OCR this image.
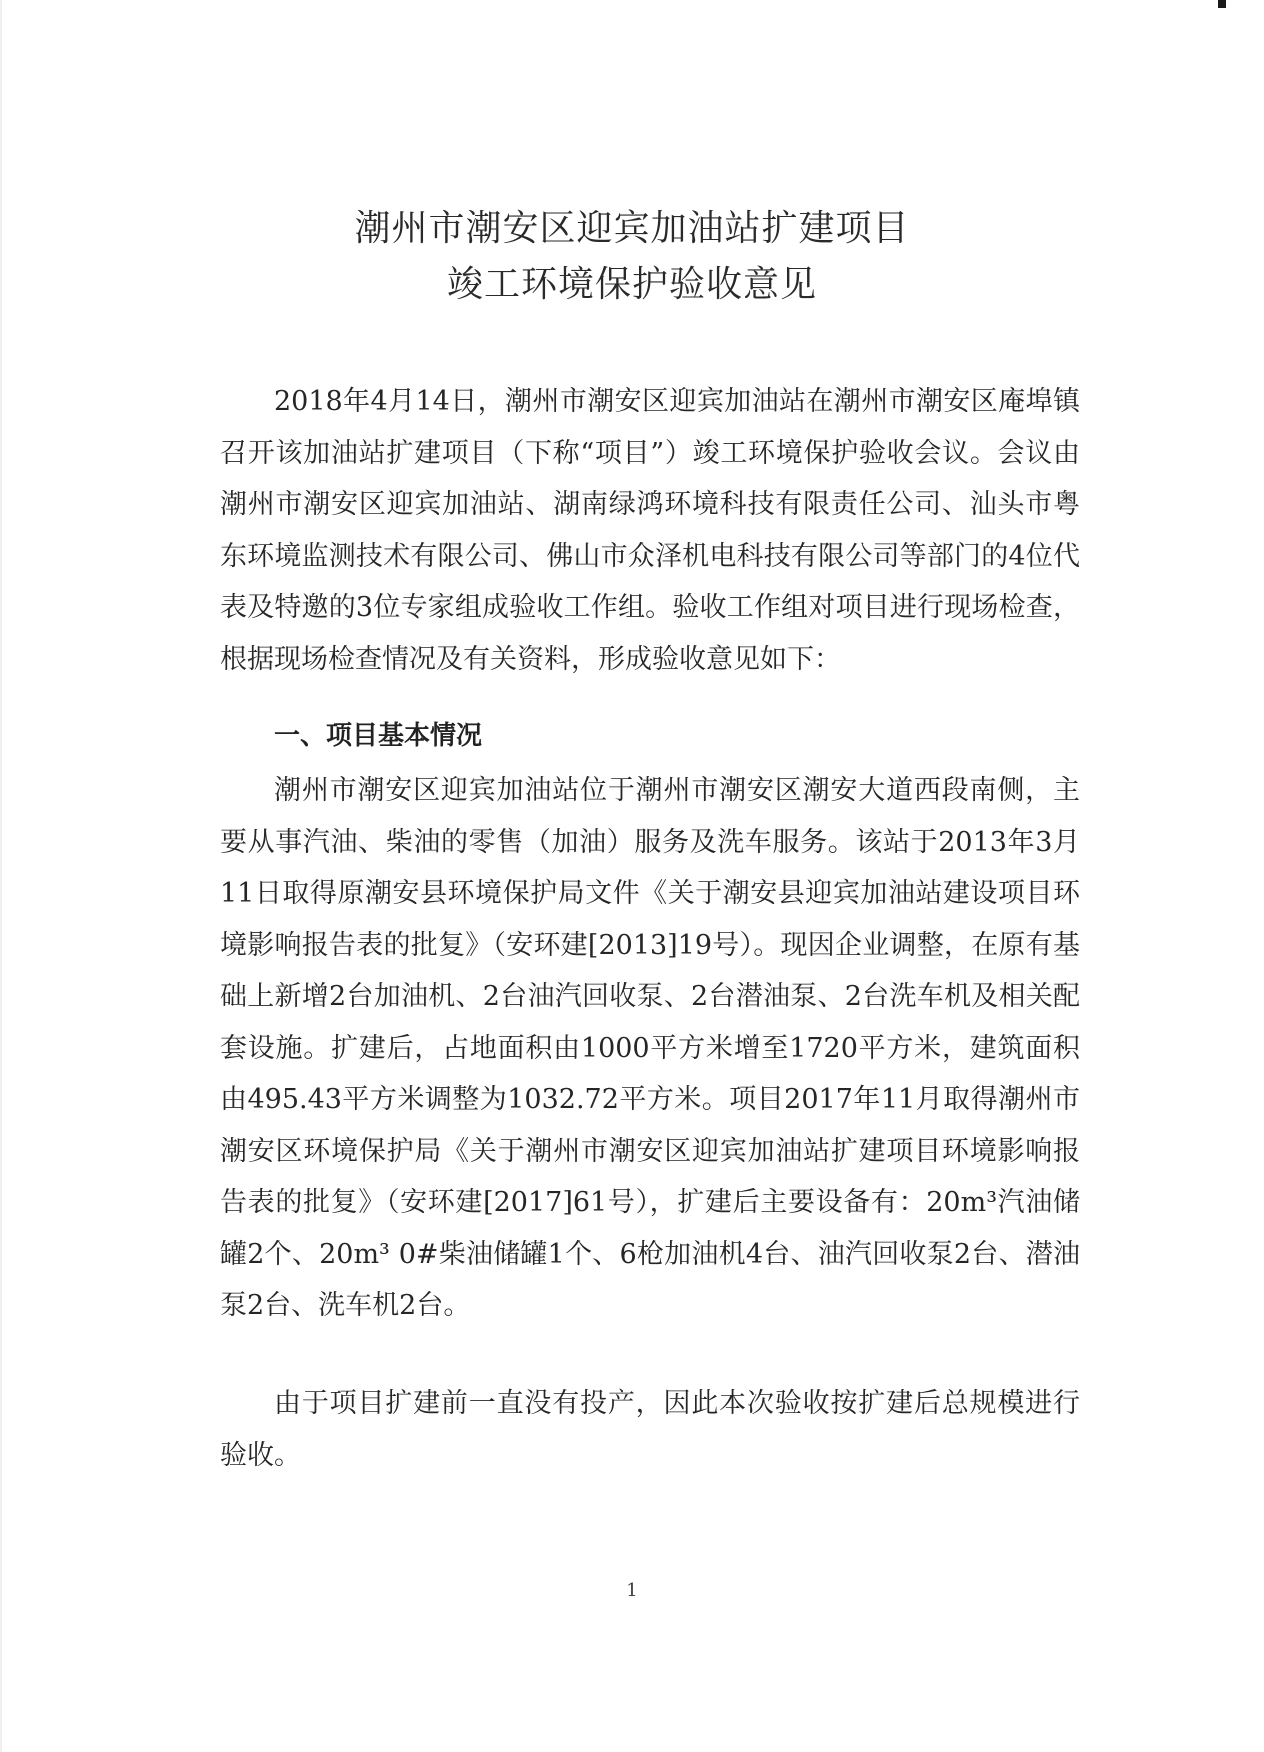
潮州市潮安区迎宾加油站扩建项目
竣工环境保护验收意见

2018年4月14日，潮州市潮安区迎宾加油站在潮州市潮安区庵埠镇召开该加油站扩建项目（下称“项目”）竣工环境保护验收会议。会议由潮州市潮安区迎宾加油站、湖南绿鸿环境科技有限责任公司、汕头市粤东环境监测技术有限公司、佛山市众泽机电科技有限公司等部门的4位代表及特邀的3位专家组成验收工作组。验收工作组对项目进行现场检查，根据现场检查情况及有关资料，形成验收意见如下：

一、项目基本情况

潮州市潮安区迎宾加油站位于潮州市潮安区潮安大道西段南侧，主要从事汽油、柴油的零售（加油）服务及洗车服务。该站于2013年3月11日取得原潮安县环境保护局文件《关于潮安县迎宾加油站建设项目环境影响报告表的批复》（安环建[2013]19号）。现因企业调整，在原有基础上新增2台加油机、2台油汽回收泵、2台潜油泵、2台洗车机及相关配套设施。扩建后，占地面积由1000平方米增至1720平方米，建筑面积由495.43平方米调整为1032.72平方米。项目2017年11月取得潮州市潮安区环境保护局《关于潮州市潮安区迎宾加油站扩建项目环境影响报告表的批复》（安环建[2017]61号），扩建后主要设备有：20m³汽油储罐2个、20m³ 0#柴油储罐1个、6枪加油机4台、油汽回收泵2台、潜油泵2台、洗车机2台。

由于项目扩建前一直没有投产，因此本次验收按扩建后总规模进行验收。

1
